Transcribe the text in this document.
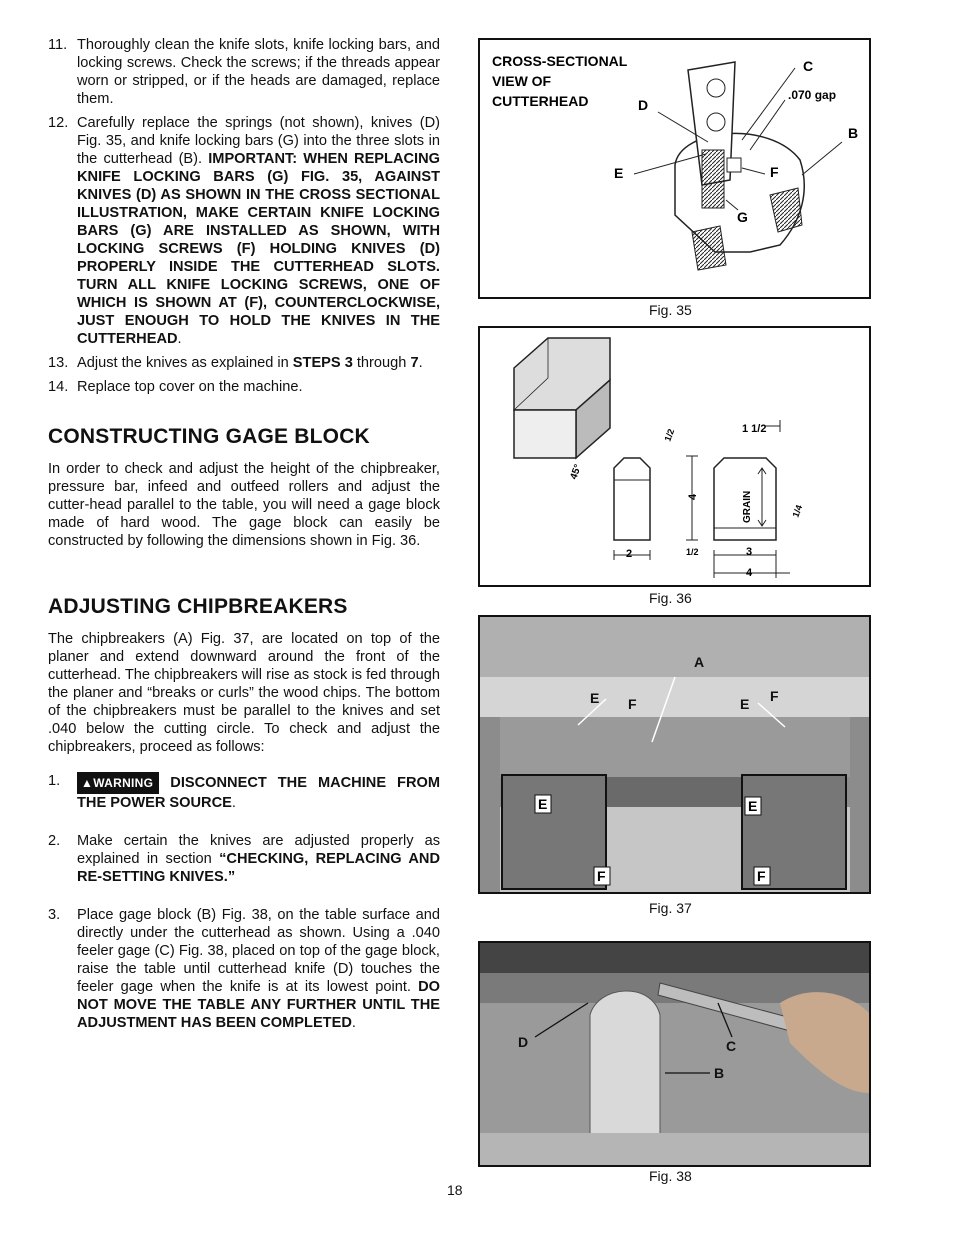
11. Thoroughly clean the knife slots, knife locking bars, and locking screws. Check the screws; if the threads appear worn or stripped, or if the heads are damaged, replace them.
12. Carefully replace the springs (not shown), knives (D) Fig. 35, and knife locking bars (G) into the three slots in the cutterhead (B). IMPORTANT: WHEN REPLACING KNIFE LOCKING BARS (G) FIG. 35, AGAINST KNIVES (D) AS SHOWN IN THE CROSS SECTIONAL ILLUSTRATION, MAKE CERTAIN KNIFE LOCKING BARS (G) ARE INSTALLED AS SHOWN, WITH LOCKING SCREWS (F) HOLDING KNIVES (D) PROPERLY INSIDE THE CUTTERHEAD SLOTS. TURN ALL KNIFE LOCKING SCREWS, ONE OF WHICH IS SHOWN AT (F), COUNTERCLOCKWISE, JUST ENOUGH TO HOLD THE KNIVES IN THE CUTTERHEAD.
13. Adjust the knives as explained in STEPS 3 through 7.
14. Replace top cover on the machine.
CONSTRUCTING GAGE BLOCK
In order to check and adjust the height of the chipbreaker, pressure bar, infeed and outfeed rollers and adjust the cutter-head parallel to the table, you will need a gage block made of hard wood. The gage block can easily be constructed by following the dimensions shown in Fig. 36.
ADJUSTING CHIPBREAKERS
The chipbreakers (A) Fig. 37, are located on top of the planer and extend downward around the front of the cutterhead. The chipbreakers will rise as stock is fed through the planer and “breaks or curls” the wood chips. The bottom of the chipbreakers must be parallel to the knives and set .040 below the cutting circle. To check and adjust the chipbreakers, proceed as follows:
1. ▲WARNING DISCONNECT THE MACHINE FROM THE POWER SOURCE.
2. Make certain the knives are adjusted properly as explained in section “CHECKING, REPLACING AND RE-SETTING KNIVES.”
3. Place gage block (B) Fig. 38, on the table surface and directly under the cutterhead as shown. Using a .040 feeler gage (C) Fig. 38, placed on top of the gage block, raise the table until cutterhead knife (D) touches the feeler gage when the knife is at its lowest point. DO NOT MOVE THE TABLE ANY FURTHER UNTIL THE ADJUSTMENT HAS BEEN COMPLETED.
CROSS-SECTIONAL
VIEW OF
CUTTERHEAD
C
D
.070 gap
B
E	F
G
Fig. 35
1/2	1 1/2
45°
4	GRAIN	1/4
2	1/2	3
4
Fig. 36
A
E F	E F
E
F
E
F
Fig. 37
D	C
B
Fig. 38
18
